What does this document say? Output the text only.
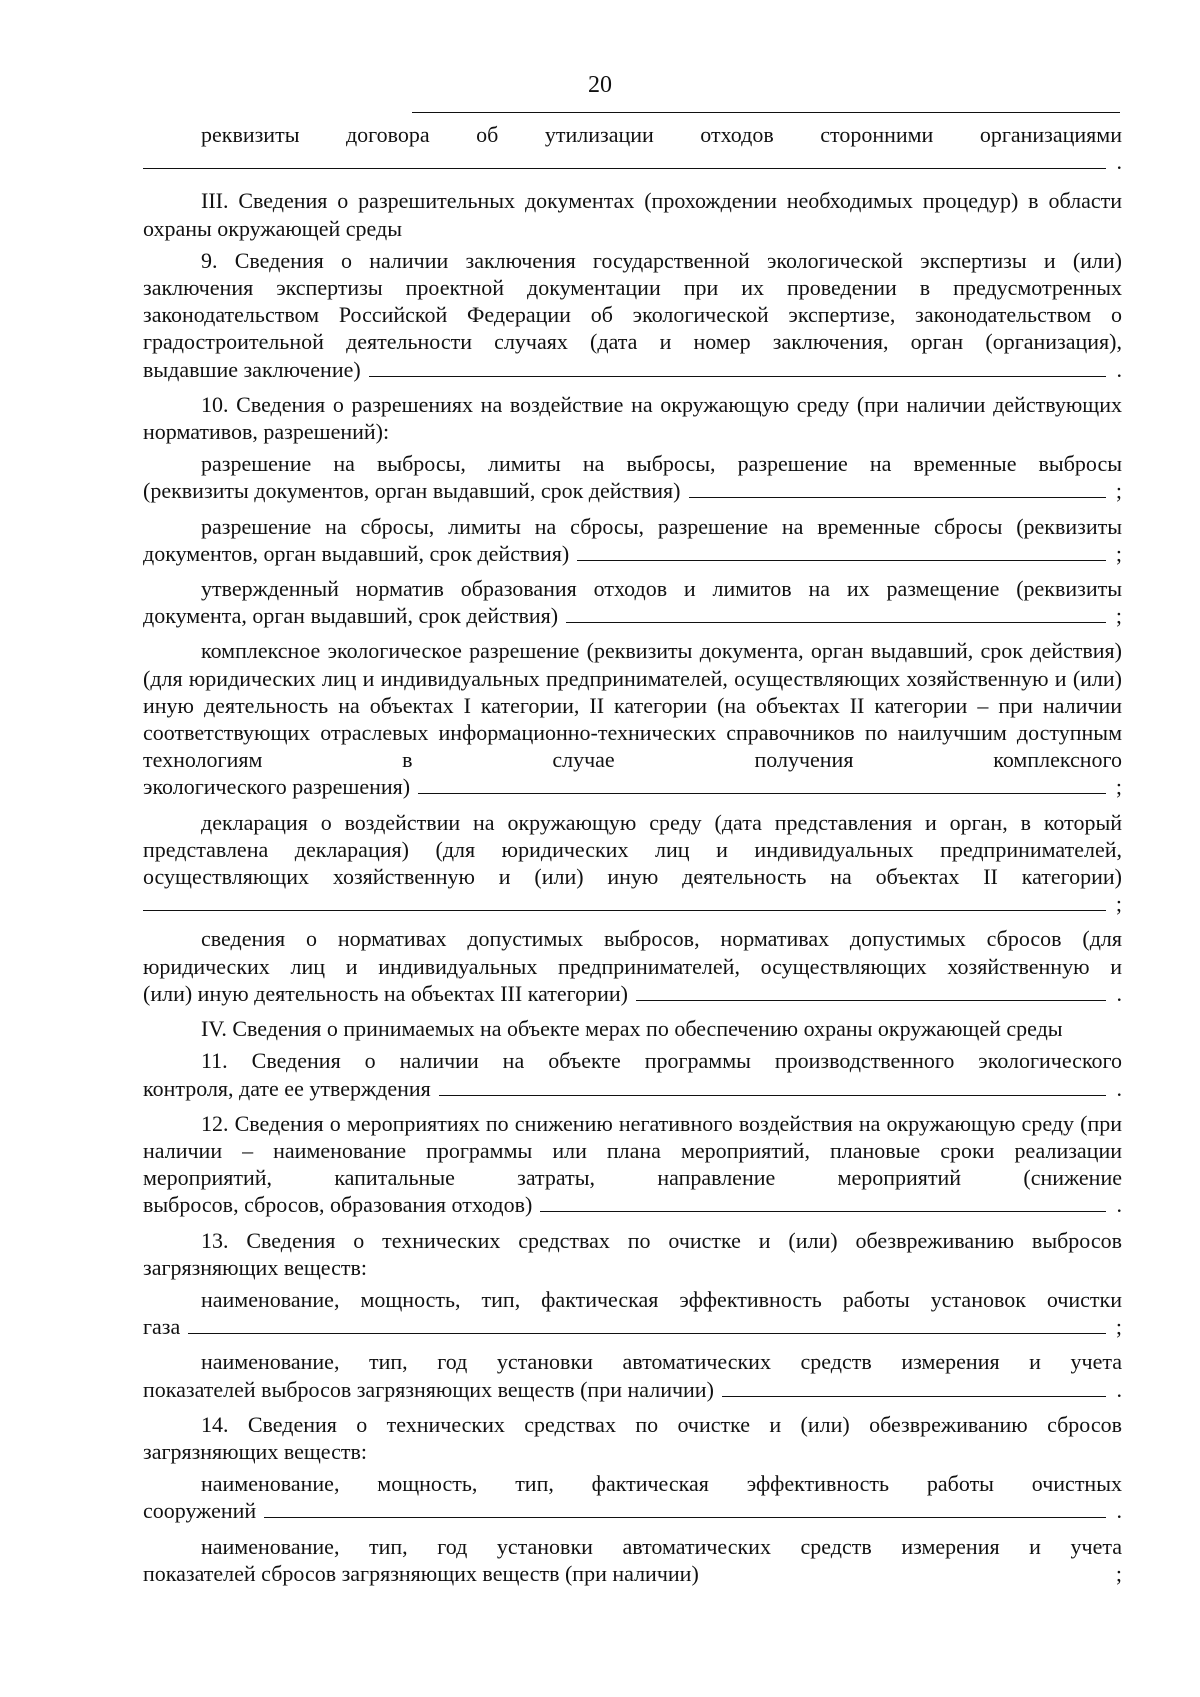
20
реквизиты договора об утилизации отходов сторонними организациями
.
III. Сведения о разрешительных документах (прохождении необходимых процедур) в области охраны окружающей среды
9. Сведения о наличии заключения государственной экологической экспертизы и (или) заключения экспертизы проектной документации при их проведении в предусмотренных законодательством Российской Федерации об экологической экспертизе, законодательством о градостроительной деятельности случаях (дата и номер заключения, орган (организация),
выдавшие заключение)	.
10. Сведения о разрешениях на воздействие на окружающую среду (при наличии действующих нормативов, разрешений):
разрешение на выбросы, лимиты на выбросы, разрешение на временные выбросы
(реквизиты документов, орган выдавший, срок действия)	;
разрешение на сбросы, лимиты на сбросы, разрешение на временные сбросы (реквизиты
документов, орган выдавший, срок действия)	;
утвержденный норматив образования отходов и лимитов на их размещение (реквизиты
документа, орган выдавший, срок действия)	;
комплексное экологическое разрешение (реквизиты документа, орган выдавший, срок действия) (для юридических лиц и индивидуальных предпринимателей, осуществляющих хозяйственную и (или) иную деятельность на объектах I категории, II категории (на объектах II категории – при наличии соответствующих отраслевых информационно-технических справочников по наилучшим доступным технологиям в случае получения комплексного
экологического разрешения)	;
декларация о воздействии на окружающую среду (дата представления и орган, в который представлена декларация) (для юридических лиц и индивидуальных предпринимателей, осуществляющих хозяйственную и (или) иную деятельность на объектах II категории)
;
сведения о нормативах допустимых выбросов, нормативах допустимых сбросов (для юридических лиц и индивидуальных предпринимателей, осуществляющих хозяйственную и
(или) иную деятельность на объектах III категории)	.
IV. Сведения о принимаемых на объекте мерах по обеспечению охраны окружающей среды
11. Сведения о наличии на объекте программы производственного экологического
контроля, дате ее утверждения	.
12. Сведения о мероприятиях по снижению негативного воздействия на окружающую среду (при наличии – наименование программы или плана мероприятий, плановые сроки реализации мероприятий, капитальные затраты, направление мероприятий (снижение
выбросов, сбросов, образования отходов)	.
13. Сведения о технических средствах по очистке и (или) обезвреживанию выбросов загрязняющих веществ:
наименование, мощность, тип, фактическая эффективность работы установок очистки
газа	;
наименование, тип, год установки автоматических средств измерения и учета
показателей выбросов загрязняющих веществ (при наличии)	.
14. Сведения о технических средствах по очистке и (или) обезвреживанию сбросов загрязняющих веществ:
наименование, мощность, тип, фактическая эффективность работы очистных
сооружений	.
наименование, тип, год установки автоматических средств измерения и учета
показателей сбросов загрязняющих веществ (при наличии)	;
